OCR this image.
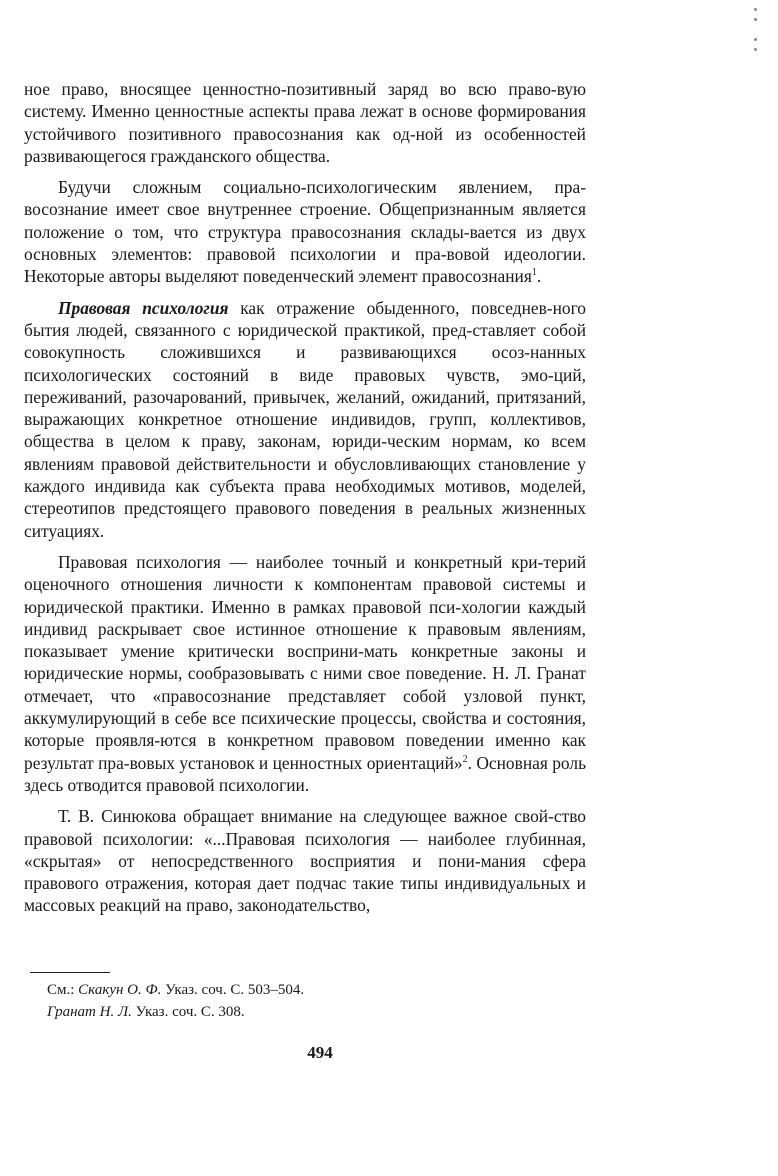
ное право, вносящее ценностно-позитивный заряд во всю право-вую систему. Именно ценностные аспекты права лежат в основе формирования устойчивого позитивного правосознания как од-ной из особенностей развивающегося гражданского общества.

Будучи сложным социально-психологическим явлением, пра-восознание имеет свое внутреннее строение. Общепризнанным является положение о том, что структура правосознания склады-вается из двух основных элементов: правовой психологии и пра-вовой идеологии. Некоторые авторы выделяют поведенческий элемент правосознания$^1$.

Правовая психология как отражение обыденного, повседнев-ного бытия людей, связанного с юридической практикой, пред-ставляет собой совокупность сложившихся и развивающихся осоз-нанных психологических состояний в виде правовых чувств, эмо-ций, переживаний, разочарований, привычек, желаний, ожиданий, притязаний, выражающих конкретное отношение индивидов, групп, коллективов, общества в целом к праву, законам, юриди-ческим нормам, ко всем явлениям правовой действительности и обусловливающих становление у каждого индивида как субъекта права необходимых мотивов, моделей, стереотипов предстоящего правового поведения в реальных жизненных ситуациях.

Правовая психология — наиболее точный и конкретный кри-терий оценочного отношения личности к компонентам правовой системы и юридической практики. Именно в рамках правовой пси-хологии каждый индивид раскрывает свое истинное отношение к правовым явлениям, показывает умение критически восприни-мать конкретные законы и юридические нормы, сообразовывать с ними свое поведение. Н. Л. Гранат отмечает, что «правосознание представляет собой узловой пункт, аккумулирующий в себе все психические процессы, свойства и состояния, которые проявля-ются в конкретном правовом поведении именно как результат пра-вовых установок и ценностных ориентаций»$^2$. Основная роль здесь отводится правовой психологии.

Т. В. Синюкова обращает внимание на следующее важное свой-ство правовой психологии: «...Правовая психология — наиболее глубинная, «скрытая» от непосредственного восприятия и пони-мания сфера правового отражения, которая дает подчас такие типы индивидуальных и массовых реакций на право, законодательство,

См.: Скакун О. Ф. Указ. соч. С. 503–504.
Гранат Н. Л. Указ. соч. С. 308.
494
